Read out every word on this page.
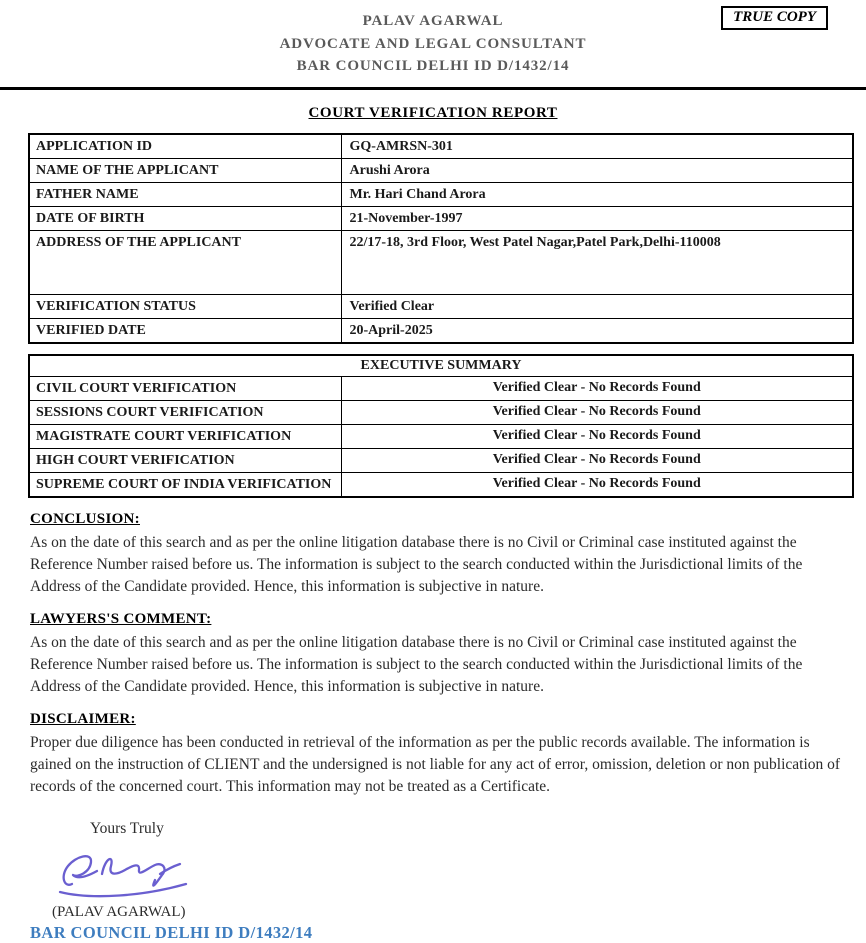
TRUE COPY
PALAV AGARWAL
ADVOCATE AND LEGAL CONSULTANT
BAR COUNCIL DELHI ID D/1432/14
COURT VERIFICATION REPORT
APPLICATION ID	GQ-AMRSN-301
NAME OF THE APPLICANT	Arushi Arora
FATHER NAME	Mr. Hari Chand Arora
DATE OF BIRTH	21-November-1997
ADDRESS OF THE APPLICANT	22/17-18, 3rd Floor, West Patel Nagar,Patel Park,Delhi-110008
VERIFICATION STATUS	Verified Clear
VERIFIED DATE	20-April-2025
EXECUTIVE SUMMARY	
CIVIL COURT VERIFICATION	Verified Clear - No Records Found
SESSIONS COURT VERIFICATION	Verified Clear - No Records Found
MAGISTRATE COURT VERIFICATION	Verified Clear - No Records Found
HIGH COURT VERIFICATION	Verified Clear - No Records Found
SUPREME COURT OF INDIA VERIFICATION	Verified Clear - No Records Found
CONCLUSION:
As on the date of this search and as per the online litigation database there is no Civil or Criminal case instituted against the Reference Number raised before us. The information is subject to the search conducted within the Jurisdictional limits of the Address of the Candidate provided. Hence, this information is subjective in nature.
LAWYERS'S COMMENT:
As on the date of this search and as per the online litigation database there is no Civil or Criminal case instituted against the Reference Number raised before us. The information is subject to the search conducted within the Jurisdictional limits of the Address of the Candidate provided. Hence, this information is subjective in nature.
DISCLAIMER:
Proper due diligence has been conducted in retrieval of the information as per the public records available. The information is gained on the instruction of CLIENT and the undersigned is not liable for any act of error, omission, deletion or non publication of records of the concerned court. This information may not be treated as a Certificate.
Yours Truly
(PALAV AGARWAL)
BAR COUNCIL DELHI ID D/1432/14
